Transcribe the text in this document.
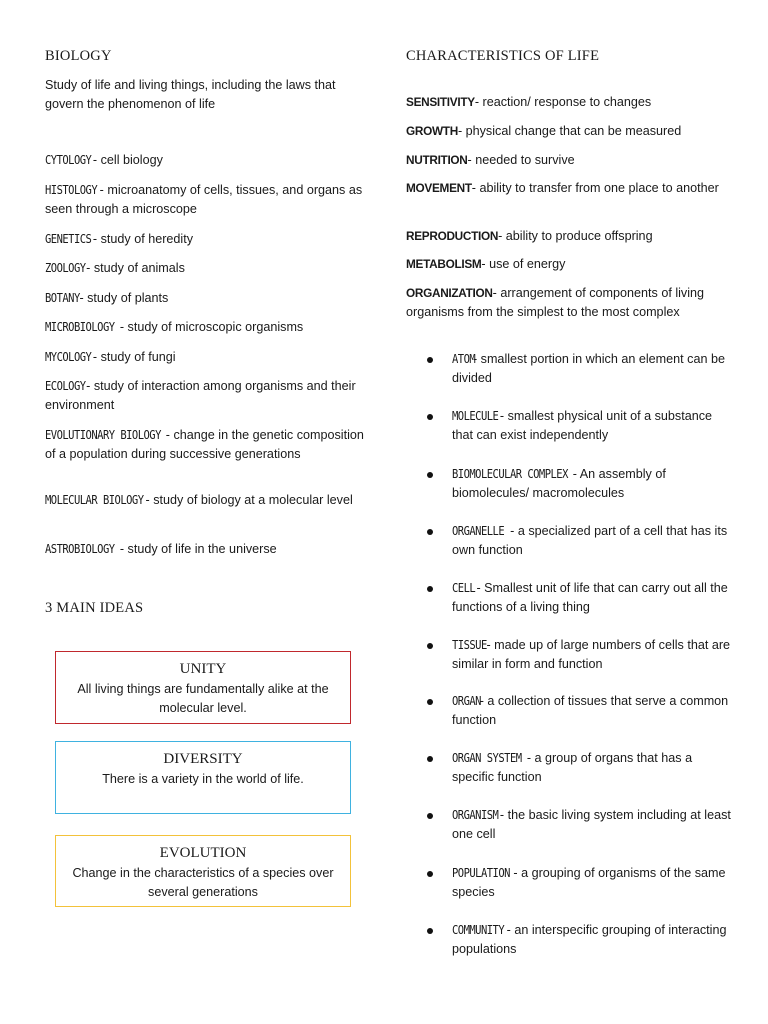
BIOLOGY
Study of life and living things, including the laws that govern the phenomenon of life
CYTOLOGY - cell biology
HISTOLOGY - microanatomy of cells, tissues, and organs as seen through a microscope
GENETICS - study of heredity
ZOOLOGY- study of animals
BOTANY- study of plants
MICROBIOLOGY - study of microscopic organisms
MYCOLOGY - study of fungi
ECOLOGY- study of interaction among organisms and their environment
EVOLUTIONARY BIOLOGY - change in the genetic composition of a population during successive generations
MOLECULAR BIOLOGY - study of biology at a molecular level
ASTROBIOLOGY - study of life in the universe
3 MAIN IDEAS
UNITY
All living things are fundamentally alike at the molecular level.
DIVERSITY
There is a variety in the world of life.
EVOLUTION
Change in the characteristics of a species over several generations
CHARACTERISTICS OF LIFE
SENSITIVITY- reaction/ response to changes
GROWTH- physical change that can be measured
NUTRITION- needed to survive
MOVEMENT- ability to transfer from one place to another
REPRODUCTION- ability to produce offspring
METABOLISM- use of energy
ORGANIZATION- arrangement of components of living organisms from the simplest to the most complex
ATOM- smallest portion in which an element can be divided
MOLECULE - smallest physical unit of a substance that can exist independently
BIOMOLECULAR COMPLEX - An assembly of biomolecules/ macromolecules
ORGANELLE - a specialized part of a cell that has its own function
CELL - Smallest unit of life that can carry out all the functions of a living thing
TISSUE- made up of large numbers of cells that are similar in form and function
ORGAN- a collection of tissues that serve a common function
ORGAN SYSTEM - a group of organs that has a specific function
ORGANISM - the basic living system including at least one cell
POPULATION - a grouping of organisms of the same species
COMMUNITY - an interspecific grouping of interacting populations
